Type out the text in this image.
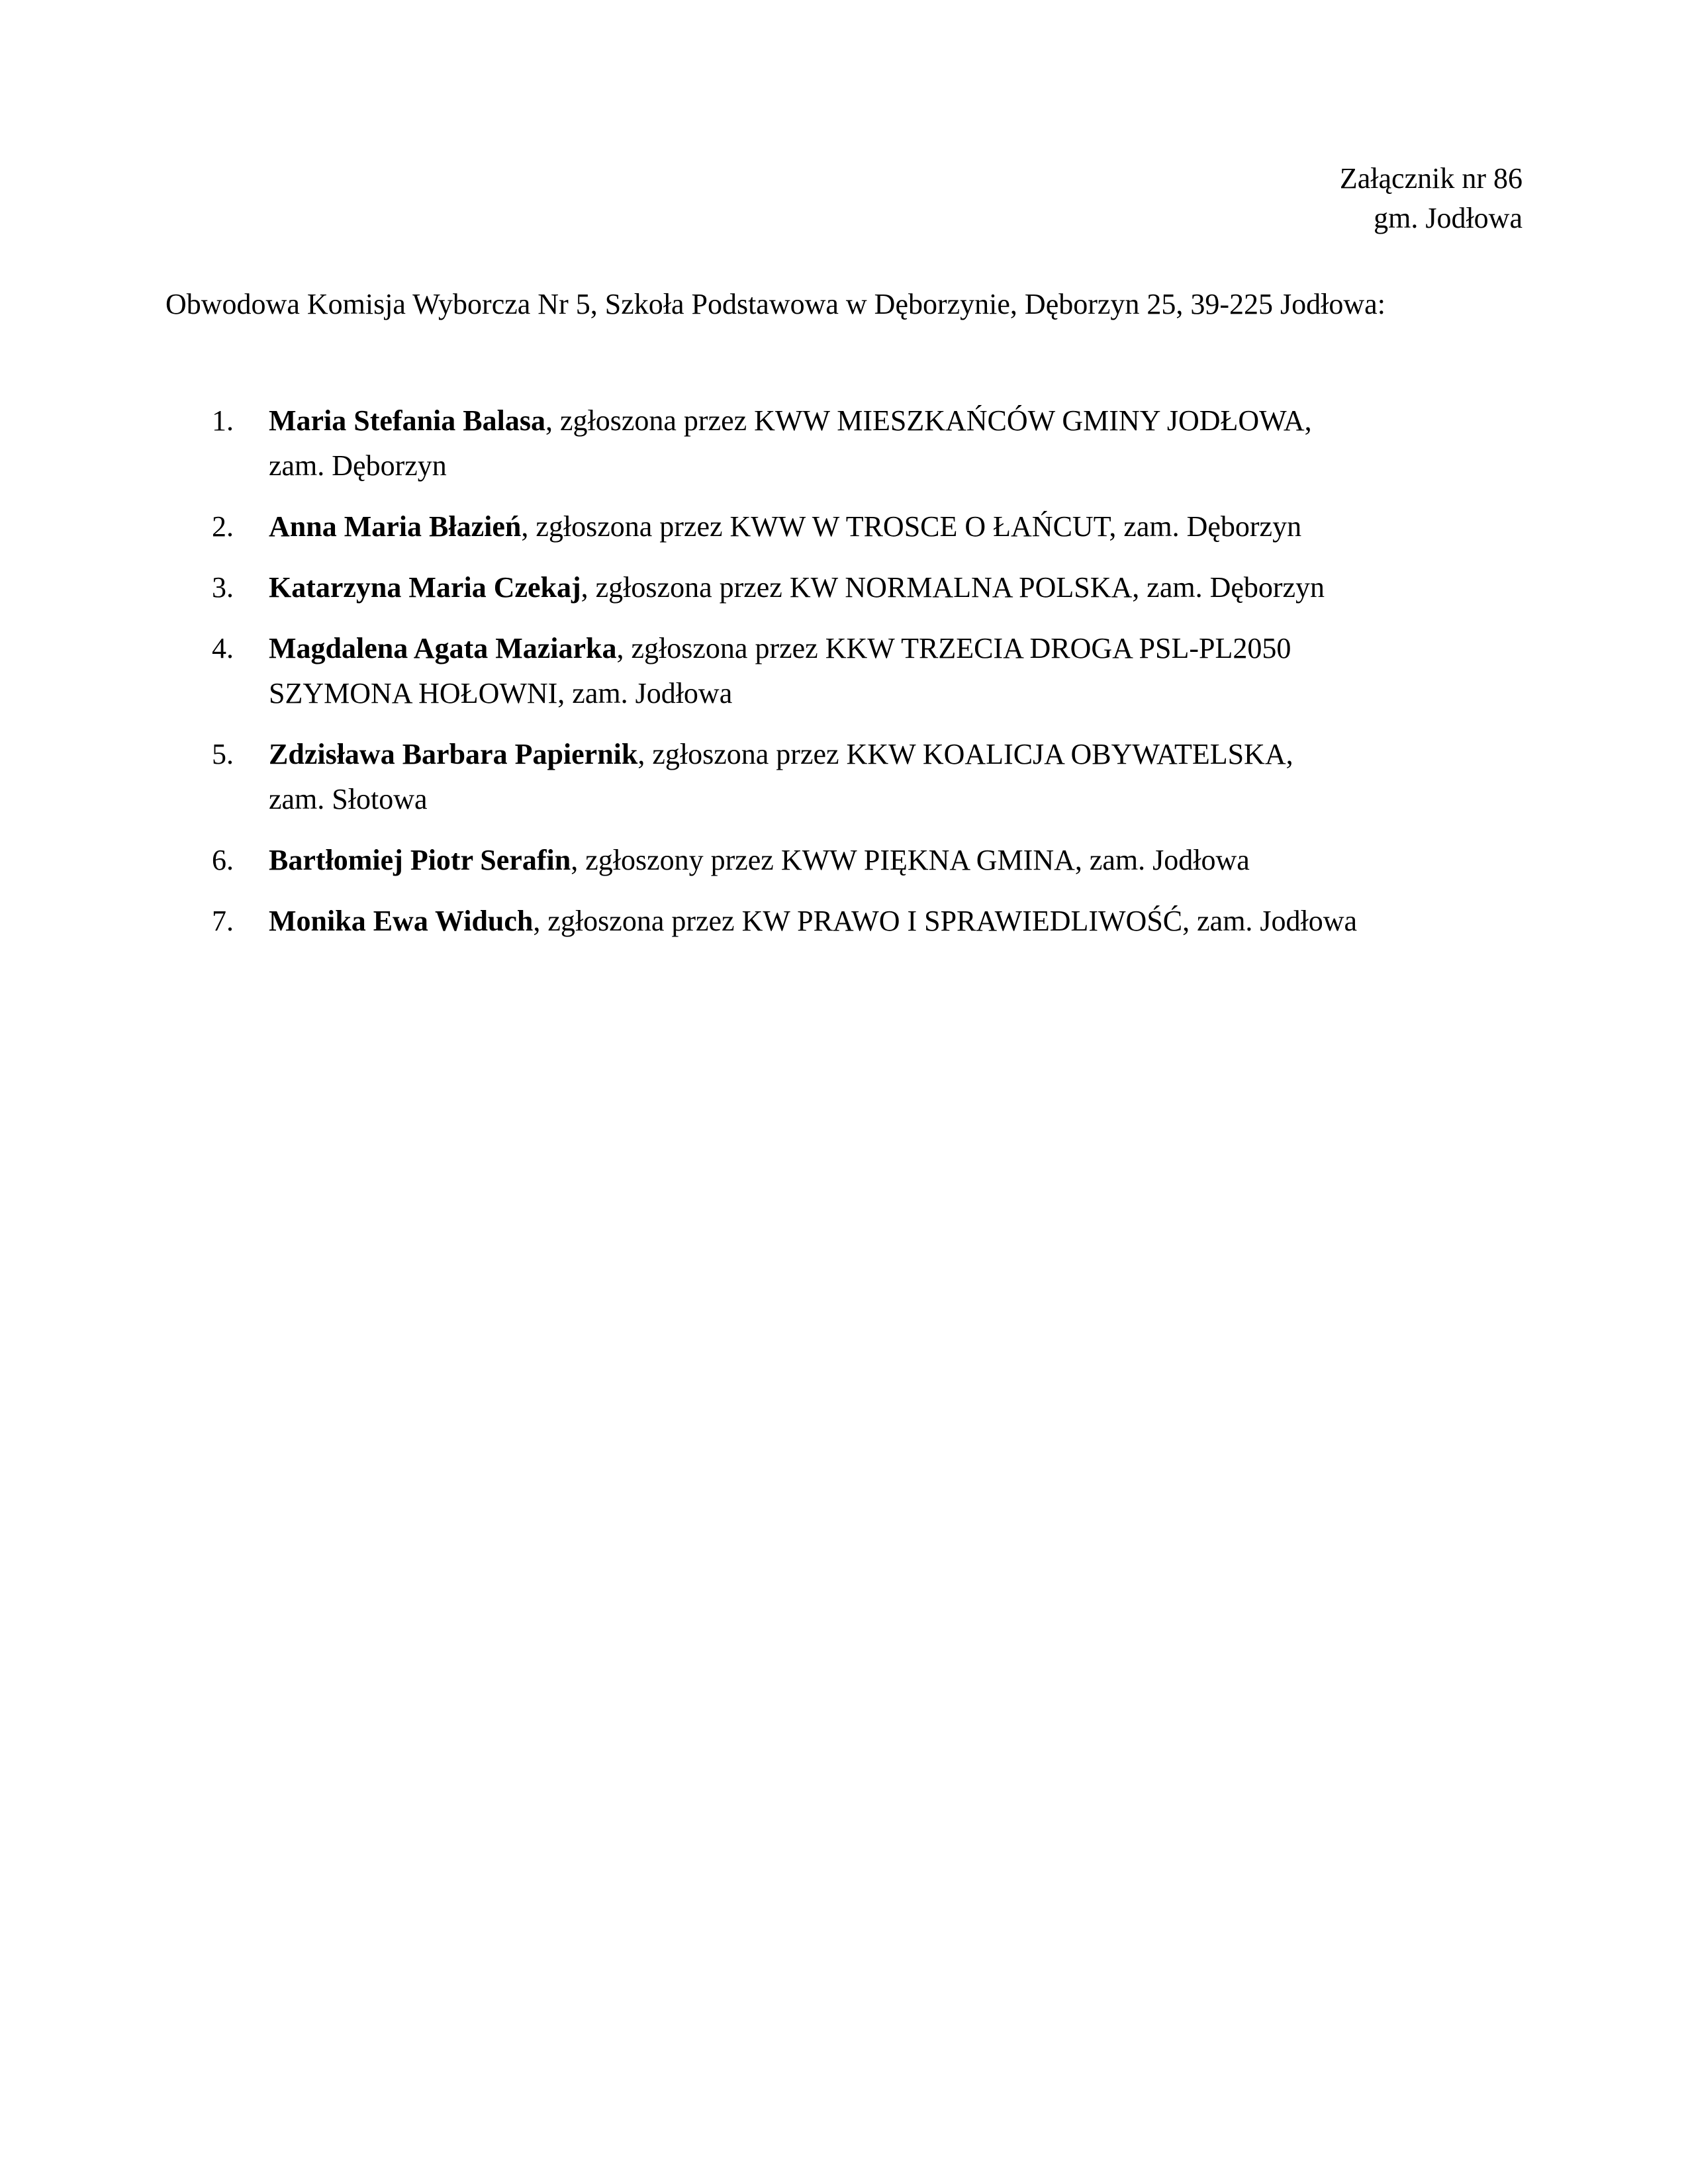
Załącznik nr 86
gm. Jodłowa
Obwodowa Komisja Wyborcza Nr 5, Szkoła Podstawowa w Dęborzynie, Dęborzyn 25, 39-225 Jodłowa:
1. Maria Stefania Balasa, zgłoszona przez KWW MIESZKAŃCÓW GMINY JODŁOWA,
zam. Dęborzyn
2. Anna Maria Błazień, zgłoszona przez KWW W TROSCE O ŁAŃCUT, zam. Dęborzyn
3. Katarzyna Maria Czekaj, zgłoszona przez KW NORMALNA POLSKA, zam. Dęborzyn
4. Magdalena Agata Maziarka, zgłoszona przez KKW TRZECIA DROGA PSL-PL2050
SZYMONA HOŁOWNI, zam. Jodłowa
5. Zdzisława Barbara Papiernik, zgłoszona przez KKW KOALICJA OBYWATELSKA,
zam. Słotowa
6. Bartłomiej Piotr Serafin, zgłoszony przez KWW PIĘKNA GMINA, zam. Jodłowa
7. Monika Ewa Widuch, zgłoszona przez KW PRAWO I SPRAWIEDLIWOŚĆ, zam. Jodłowa
